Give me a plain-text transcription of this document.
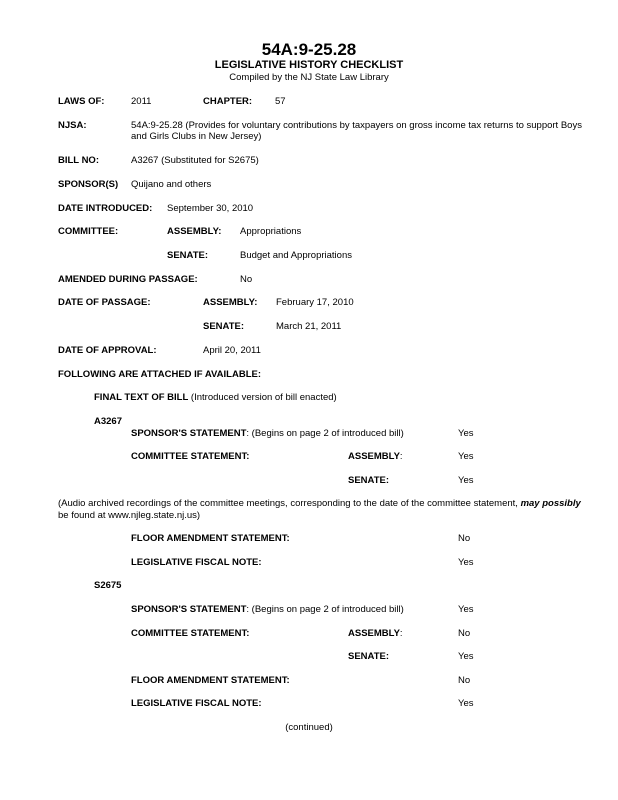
54A:9-25.28
LEGISLATIVE HISTORY CHECKLIST
Compiled by the NJ State Law Library
LAWS OF:	2011	CHAPTER: 57
NJSA:	54A:9-25.28 (Provides for voluntary contributions by taxpayers on gross income tax returns to support Boys
and Girls Clubs in New Jersey)
BILL NO:	A3267 (Substituted for S2675)
SPONSOR(S) Quijano and others
DATE INTRODUCED: September 30, 2010
COMMITTEE:	ASSEMBLY: Appropriations
SENATE:	Budget and Appropriations
AMENDED DURING PASSAGE:	No
DATE OF PASSAGE:	ASSEMBLY: February 17, 2010
SENATE:	March 21, 2011
DATE OF APPROVAL:	April 20, 2011
FOLLOWING ARE ATTACHED IF AVAILABLE:
FINAL TEXT OF BILL (Introduced version of bill enacted)
A3267
SPONSOR'S STATEMENT: (Begins on page 2 of introduced bill)	Yes
COMMITTEE STATEMENT:	ASSEMBLY:	Yes
SENATE:	Yes
(Audio archived recordings of the committee meetings, corresponding to the date of the committee statement, may possibly
be found at www.njleg.state.nj.us)
FLOOR AMENDMENT STATEMENT:	No
LEGISLATIVE FISCAL NOTE:	Yes
S2675
SPONSOR'S STATEMENT: (Begins on page 2 of introduced bill)	Yes
COMMITTEE STATEMENT:	ASSEMBLY:	No
SENATE:	Yes
FLOOR AMENDMENT STATEMENT:	No
LEGISLATIVE FISCAL NOTE:	Yes
(continued)
